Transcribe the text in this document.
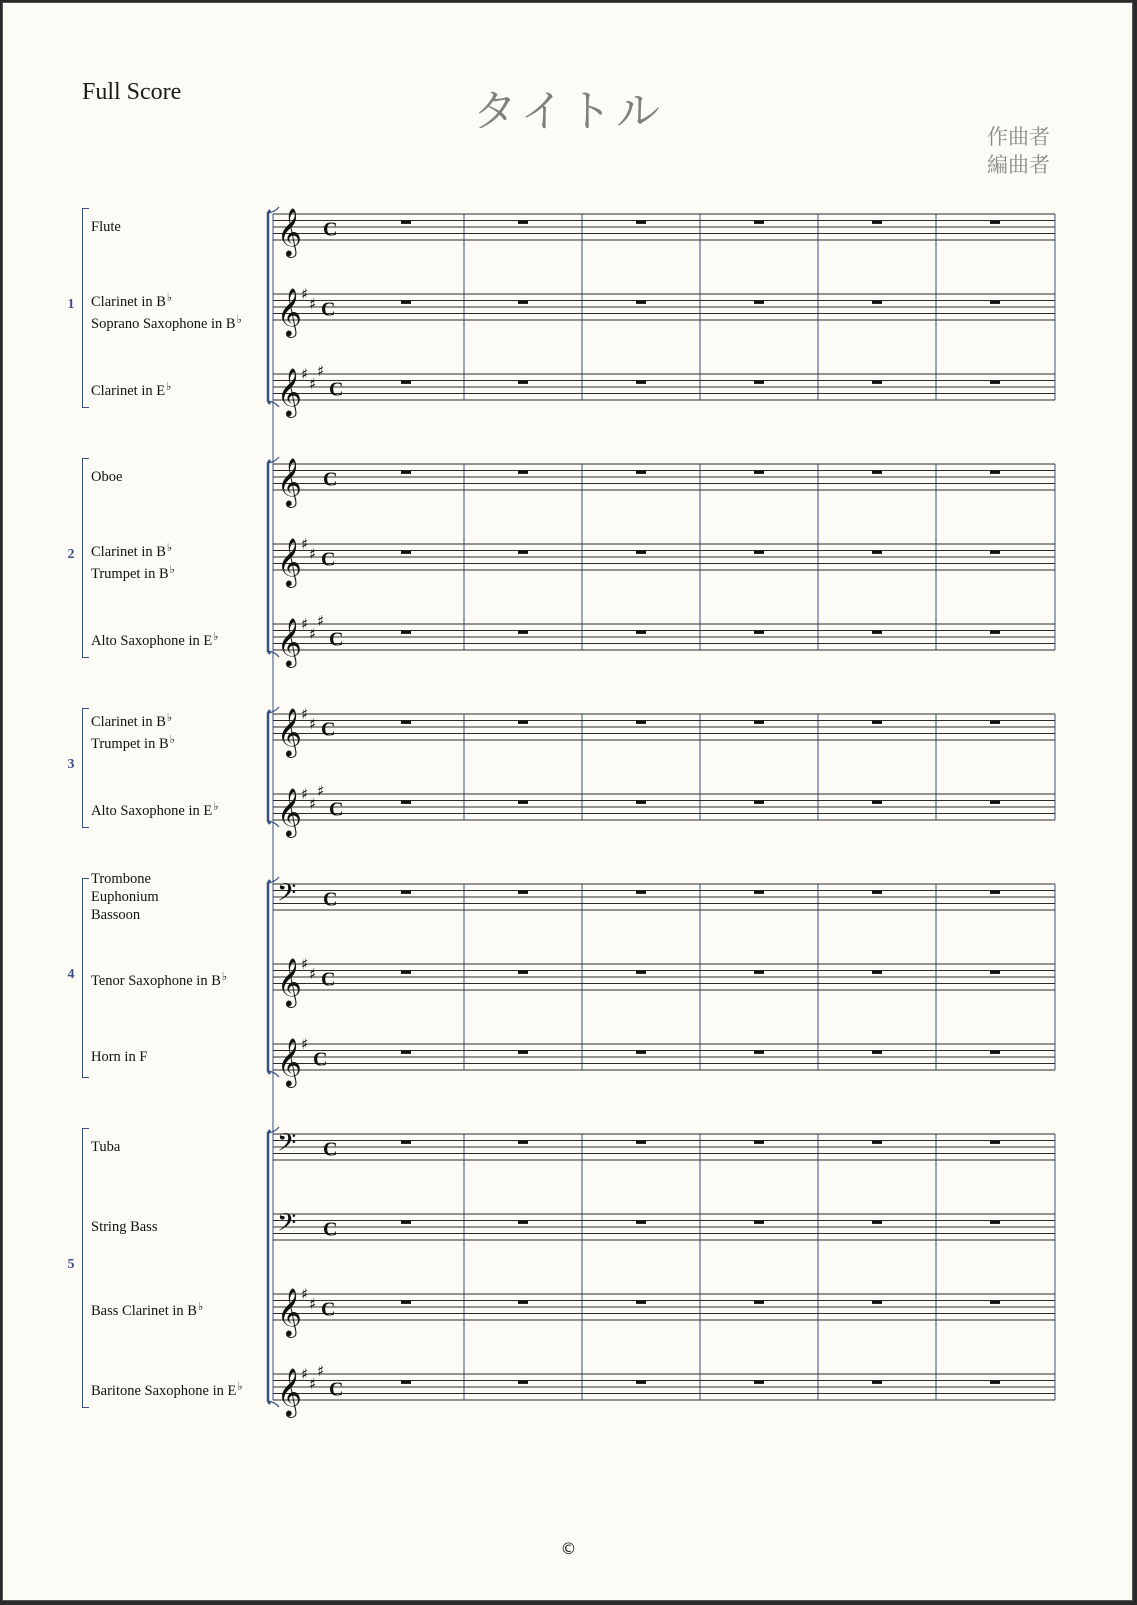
Full Score	タイトル	作曲者
編曲者
1
Flute
Clarinet in B♭
Soprano Saxophone in B♭
Clarinet in E♭
2
Oboe
Clarinet in B♭
Trumpet in B♭
Alto Saxophone in E♭
3
Clarinet in B♭
Trumpet in B♭
Alto Saxophone in E♭
4
Trombone
Euphonium
Bassoon
Tenor Saxophone in B♭
Horn in F
5
Tuba
String Bass
Bass Clarinet in B♭
Baritone Saxophone in E♭
𝄞 C
𝄞 ♯
♯ C
𝄞 ♯
♯
♯
C
𝄞 C
𝄞 ♯
♯ C
𝄞 ♯
♯
♯
C
𝄞 ♯
♯ C
𝄞 ♯
♯
♯
C
𝄢 C
𝄞 ♯
♯ C
𝄞 ♯
C
𝄢 C
𝄢 C
𝄞 ♯
♯ C
𝄞 ♯
♯
♯
C
©
